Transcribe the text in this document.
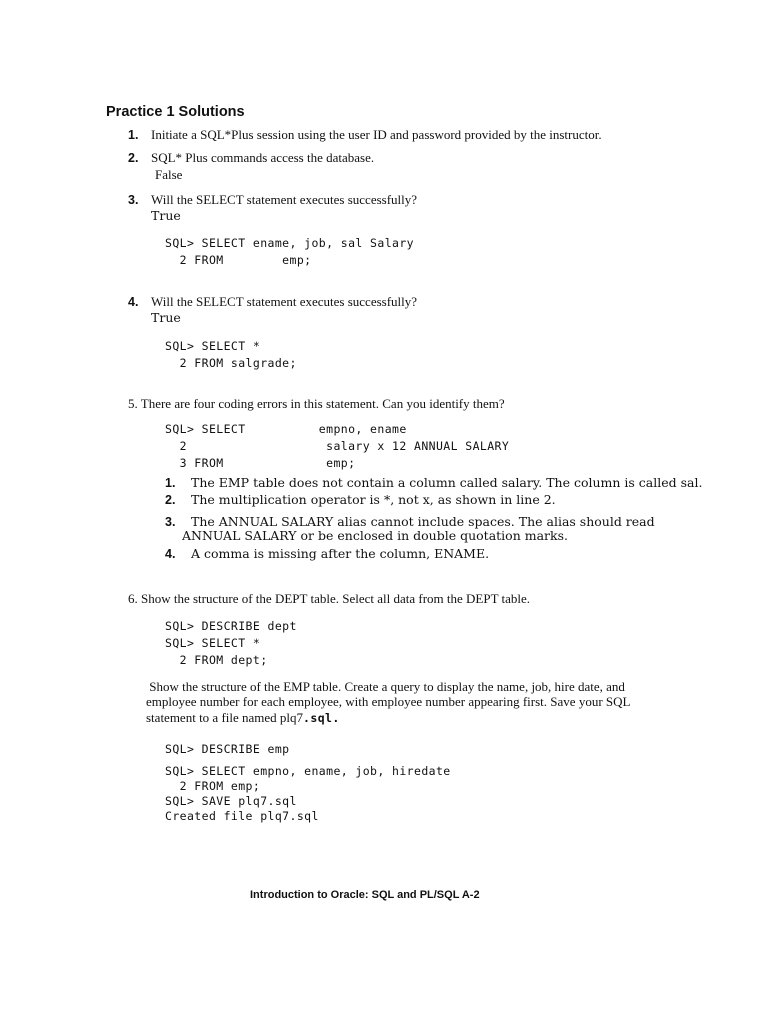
Practice 1 Solutions
1. Initiate a SQL*Plus session using the user ID and password provided by the instructor.
2. SQL* Plus commands access the database.
False
3. Will the SELECT statement executes successfully?
True
SQL> SELECT ename, job, sal Salary
2 FROM        emp;
4. Will the SELECT statement executes successfully?
True
SQL> SELECT *
2 FROM salgrade;
5. There are four coding errors in this statement. Can you identify them?
SQL> SELECT          empno, ename
2                   salary x 12 ANNUAL SALARY
3 FROM              emp;
1. The EMP table does not contain a column called salary. The column is called sal.
2. The multiplication operator is *, not x, as shown in line 2.
3. The ANNUAL SALARY alias cannot include spaces. The alias should read
ANNUAL SALARY or be enclosed in double quotation marks.
4. A comma is missing after the column, ENAME.
6. Show the structure of the DEPT table. Select all data from the DEPT table.
SQL> DESCRIBE dept
SQL> SELECT *
2 FROM dept;
Show the structure of the EMP table. Create a query to display the name, job, hire date, and
employee number for each employee, with employee number appearing first. Save your SQL
statement to a file named plq7.sql.
SQL> DESCRIBE emp
SQL> SELECT empno, ename, job, hiredate
2 FROM emp;
SQL> SAVE plq7.sql
Created file plq7.sql
Introduction to Oracle: SQL and PL/SQL A-2
